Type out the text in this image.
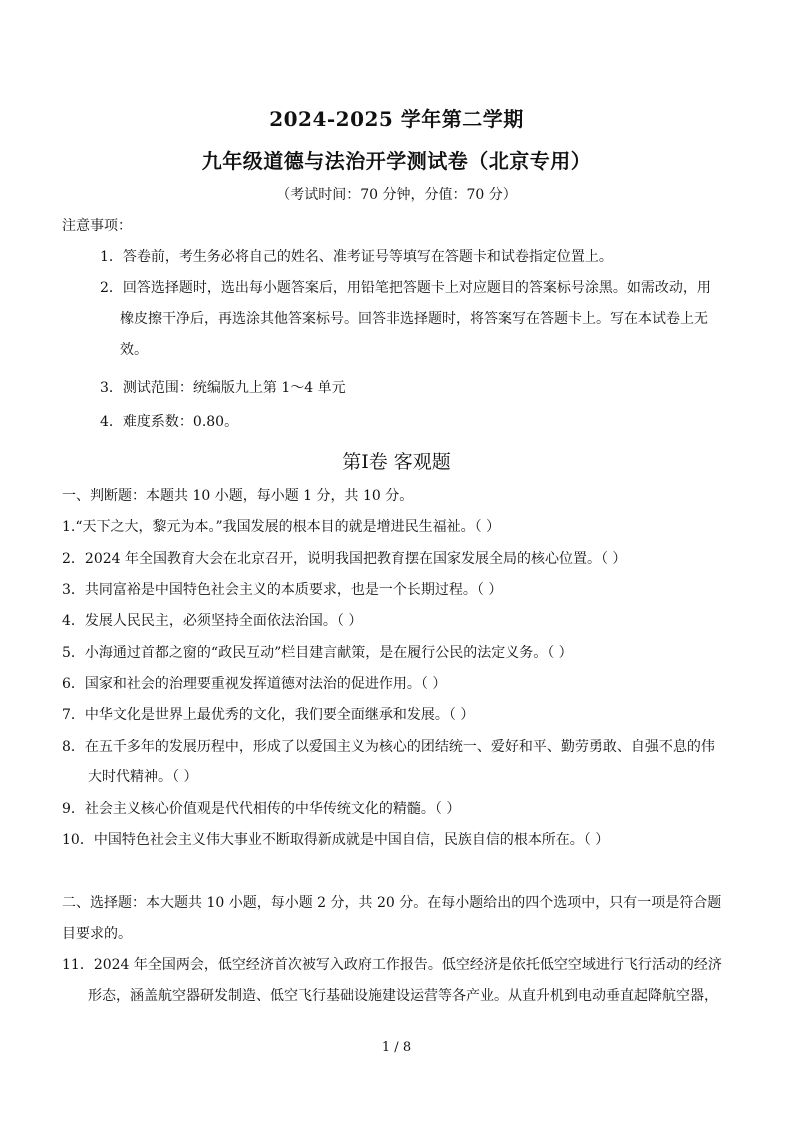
2024-2025 学年第二学期
九年级道德与法治开学测试卷（北京专用）
（考试时间：70 分钟，分值：70 分）
注意事项：
1．答卷前，考生务必将自己的姓名、准考证号等填写在答题卡和试卷指定位置上。
2．回答选择题时，选出每小题答案后，用铅笔把答题卡上对应题目的答案标号涂黑。如需改动，用
橡皮擦干净后，再选涂其他答案标号。回答非选择题时，将答案写在答题卡上。写在本试卷上无
效。
3．测试范围：统编版九上第 1～4 单元
4．难度系数：0.80。
第Ⅰ卷 客观题
一、判断题：本题共 10 小题，每小题 1 分，共 10 分。
1.“天下之大，黎元为本。”我国发展的根本目的就是增进民生福祉。（ ）
2．2024 年全国教育大会在北京召开，说明我国把教育摆在国家发展全局的核心位置。（ ）
3．共同富裕是中国特色社会主义的本质要求，也是一个长期过程。（ ）
4．发展人民民主，必须坚持全面依法治国。（ ）
5．小海通过首都之窗的“政民互动”栏目建言献策，是在履行公民的法定义务。（ ）
6．国家和社会的治理要重视发挥道德对法治的促进作用。（ ）
7．中华文化是世界上最优秀的文化，我们要全面继承和发展。（ ）
8．在五千多年的发展历程中，形成了以爱国主义为核心的团结统一、爱好和平、勤劳勇敢、自强不息的伟
大时代精神。（ ）
9．社会主义核心价值观是代代相传的中华传统文化的精髓。（ ）
10．中国特色社会主义伟大事业不断取得新成就是中国自信，民族自信的根本所在。（ ）
二、选择题：本大题共 10 小题，每小题 2 分，共 20 分。在每小题给出的四个选项中，只有一项是符合题
目要求的。
11．2024 年全国两会，低空经济首次被写入政府工作报告。低空经济是依托低空空域进行飞行活动的经济
形态，涵盖航空器研发制造、低空飞行基础设施建设运营等各产业。从直升机到电动垂直起降航空器，
1 / 8
